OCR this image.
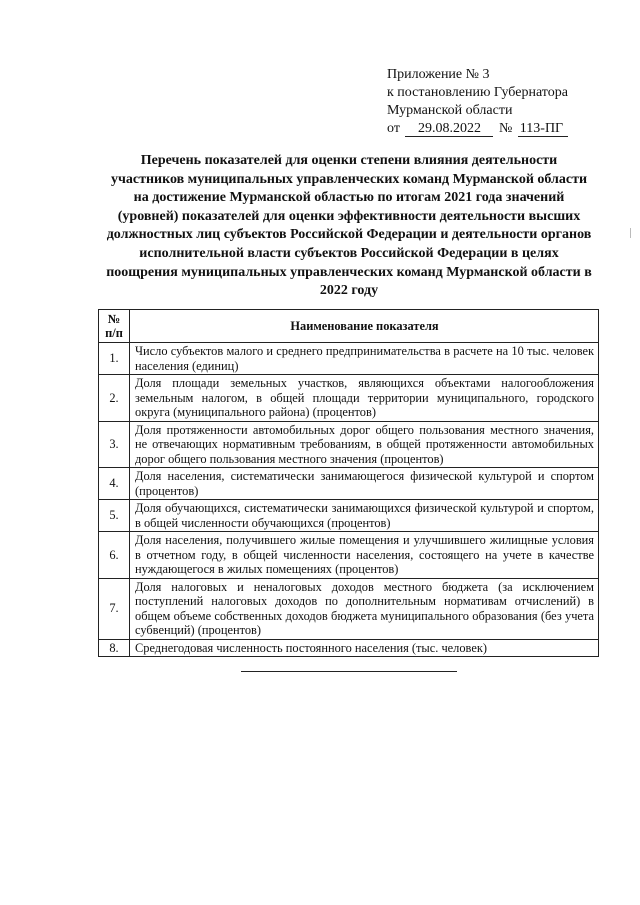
Приложение № 3
к постановлению Губернатора
Мурманской области
от 29.08.2022 № 113-ПГ
Перечень показателей для оценки степени влияния деятельности участников муниципальных управленческих команд Мурманской области на достижение Мурманской областью по итогам 2021 года значений (уровней) показателей для оценки эффективности деятельности высших должностных лиц субъектов Российской Федерации и деятельности органов исполнительной власти субъектов Российской Федерации в целях поощрения муниципальных управленческих команд Мурманской области в 2022 году
№
п/п	Наименование показателя
1.	Число субъектов малого и среднего предпринимательства в расчете на 10 тыс. человек населения (единиц)
2.	Доля площади земельных участков, являющихся объектами налогообложения земельным налогом, в общей площади территории муниципального, городского округа (муниципального района) (процентов)
3.	Доля протяженности автомобильных дорог общего пользования местного значения, не отвечающих нормативным требованиям, в общей протяженности автомобильных дорог общего пользования местного значения (процентов)
4.	Доля населения, систематически занимающегося физической культурой и спортом (процентов)
5.	Доля обучающихся, систематически занимающихся физической культурой и спортом, в общей численности обучающихся (процентов)
6.	Доля населения, получившего жилые помещения и улучшившего жилищные условия в отчетном году, в общей численности населения, состоящего на учете в качестве нуждающегося в жилых помещениях (процентов)
7.	Доля налоговых и неналоговых доходов местного бюджета (за исключением поступлений налоговых доходов по дополнительным нормативам отчислений) в общем объеме собственных доходов бюджета муниципального образования (без учета субвенций) (процентов)
8.	Среднегодовая численность постоянного населения (тыс. человек)
